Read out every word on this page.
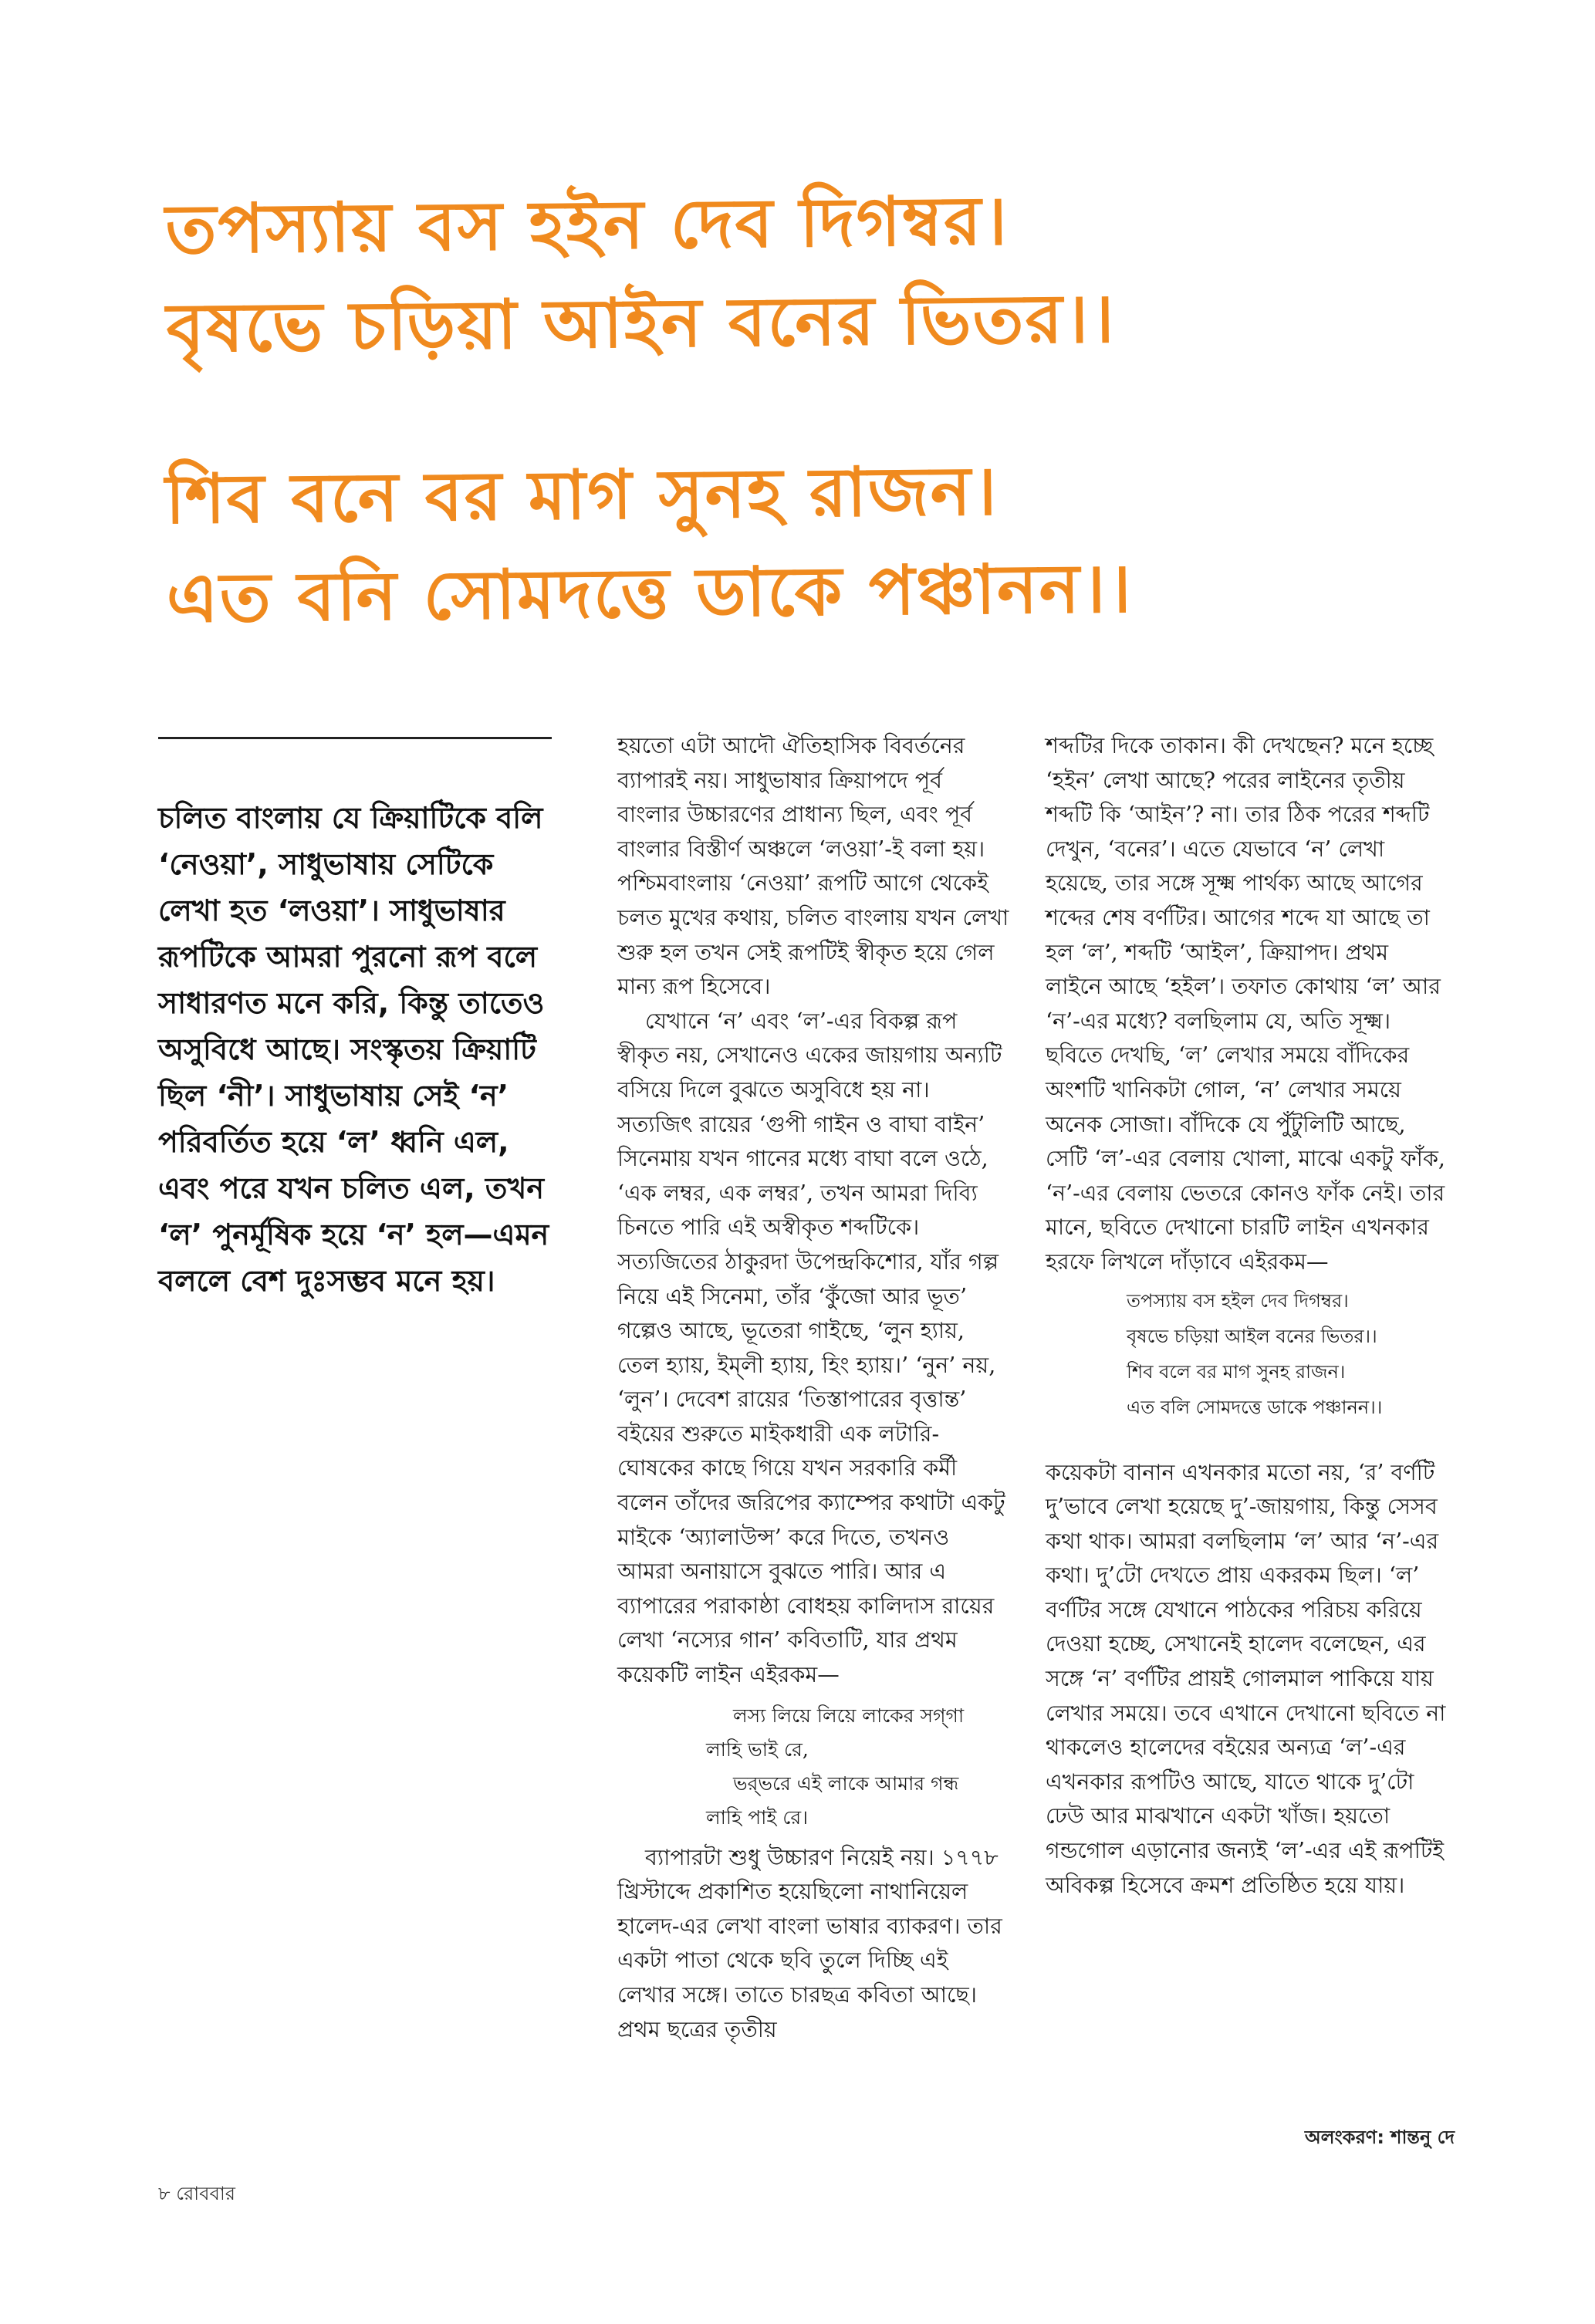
তপস্যায় বস হইন দেব দিগম্বর।
বৃষভে চড়িয়া আইন বনের ভিতর।।
শিব বনে বর মাগ সুনহ রাজন।
এত বনি সোমদত্তে ডাকে পঞ্চানন।।
চলিত বাংলায় যে ক্রিয়াটিকে বলি ‘নেওয়া’, সাধুভাষায় সেটিকে লেখা হত ‘লওয়া’। সাধুভাষার রূপটিকে আমরা পুরনো রূপ বলে সাধারণত মনে করি, কিন্তু তাতেও অসুবিধে আছে। সংস্কৃতয় ক্রিয়াটি ছিল ‘নী’। সাধুভাষায় সেই ‘ন’ পরিবর্তিত হয়ে ‘ল’ ধ্বনি এল, এবং পরে যখন চলিত এল, তখন ‘ল’ পুনর্মূষিক হয়ে ‘ন’ হল—এমন বললে বেশ দুঃসম্ভব মনে হয়।

হয়তো এটা আদৌ ঐতিহাসিক বিবর্তনের ব্যাপারই নয়। সাধুভাষার ক্রিয়াপদে পূর্ব বাংলার উচ্চারণের প্রাধান্য ছিল, এবং পূর্ব বাংলার বিস্তীর্ণ অঞ্চলে ‘লওয়া’-ই বলা হয়। পশ্চিমবাংলায় ‘নেওয়া’ রূপটি আগে থেকেই চলত মুখের কথায়, চলিত বাংলায় যখন লেখা শুরু হল তখন সেই রূপটিই স্বীকৃত হয়ে গেল মান্য রূপ হিসেবে।

যেখানে ‘ন’ এবং ‘ল’-এর বিকল্প রূপ স্বীকৃত নয়, সেখানেও একের জায়গায় অন্যটি বসিয়ে দিলে বুঝতে অসুবিধে হয় না। সত্যজিৎ রায়ের ‘গুপী গাইন ও বাঘা বাইন’ সিনেমায় যখন গানের মধ্যে বাঘা বলে ওঠে, ‘এক লম্বর, এক লম্বর’, তখন আমরা দিব্যি চিনতে পারি এই অস্বীকৃত শব্দটিকে। সত্যজিতের ঠাকুরদা উপেন্দ্রকিশোর, যাঁর গল্প নিয়ে এই সিনেমা, তাঁর ‘কুঁজো আর ভূত’ গল্পেও আছে, ভূতেরা গাইছে, ‘লুন হ্যায়, তেল হ্যায়, ইম্‌লী হ্যায়, হিং হ্যায়।’ ‘নুন’ নয়, ‘লুন’। দেবেশ রায়ের ‘তিস্তাপারের বৃত্তান্ত’ বইয়ের শুরুতে মাইকধারী এক লটারি-ঘোষকের কাছে গিয়ে যখন সরকারি কর্মী বলেন তাঁদের জরিপের ক্যাম্পের কথাটা একটু মাইকে ‘অ্যালাউন্স’ করে দিতে, তখনও আমরা অনায়াসে বুঝতে পারি। আর এ ব্যাপারের পরাকাষ্ঠা বোধহয় কালিদাস রায়ের লেখা ‘নস্যের গান’ কবিতাটি, যার প্রথম কয়েকটি লাইন এইরকম—

লস্য লিয়ে লিয়ে লাকের সগ্‌গা
লাহি ভাই রে,
ভর্‌ভরে এই লাকে আমার গন্ধ
লাহি পাই রে।

ব্যাপারটা শুধু উচ্চারণ নিয়েই নয়। ১৭৭৮ খ্রিস্টাব্দে প্রকাশিত হয়েছিলো নাথানিয়েল হালেদ-এর লেখা বাংলা ভাষার ব্যাকরণ। তার একটা পাতা থেকে ছবি তুলে দিচ্ছি এই লেখার সঙ্গে। তাতে চারছত্র কবিতা আছে। প্রথম ছত্রের তৃতীয়

শব্দটির দিকে তাকান। কী দেখছেন? মনে হচ্ছে ‘হইন’ লেখা আছে? পরের লাইনের তৃতীয় শব্দটি কি ‘আইন’? না। তার ঠিক পরের শব্দটি দেখুন, ‘বনের’। এতে যেভাবে ‘ন’ লেখা হয়েছে, তার সঙ্গে সূক্ষ্ম পার্থক্য আছে আগের শব্দের শেষ বর্ণটির। আগের শব্দে যা আছে তা হল ‘ল’, শব্দটি ‘আইল’, ক্রিয়াপদ। প্রথম লাইনে আছে ‘হইল’। তফাত কোথায় ‘ল’ আর ‘ন’-এর মধ্যে? বলছিলাম যে, অতি সূক্ষ্ম। ছবিতে দেখছি, ‘ল’ লেখার সময়ে বাঁদিকের অংশটি খানিকটা গোল, ‘ন’ লেখার সময়ে অনেক সোজা। বাঁদিকে যে পুঁটুলিটি আছে, সেটি ‘ল’-এর বেলায় খোলা, মাঝে একটু ফাঁক, ‘ন’-এর বেলায় ভেতরে কোনও ফাঁক নেই। তার মানে, ছবিতে দেখানো চারটি লাইন এখনকার হরফে লিখলে দাঁড়াবে এইরকম—

তপস্যায় বস হইল দেব দিগম্বর।
বৃষভে চড়িয়া আইল বনের ভিতর।।
শিব বলে বর মাগ সুনহ রাজন।
এত বলি সোমদত্তে ডাকে পঞ্চানন।।

কয়েকটা বানান এখনকার মতো নয়, ‘র’ বর্ণটি দু’ভাবে লেখা হয়েছে দু’-জায়গায়, কিন্তু সেসব কথা থাক। আমরা বলছিলাম ‘ল’ আর ‘ন’-এর কথা। দু’টো দেখতে প্রায় একরকম ছিল। ‘ল’ বর্ণটির সঙ্গে যেখানে পাঠকের পরিচয় করিয়ে দেওয়া হচ্ছে, সেখানেই হালেদ বলেছেন, এর সঙ্গে ‘ন’ বর্ণটির প্রায়ই গোলমাল পাকিয়ে যায় লেখার সময়ে। তবে এখানে দেখানো ছবিতে না থাকলেও হালেদের বইয়ের অন্যত্র ‘ল’-এর এখনকার রূপটিও আছে, যাতে থাকে দু’টো ঢেউ আর মাঝখানে একটা খাঁজ। হয়তো গন্ডগোল এড়ানোর জন্যই ‘ল’-এর এই রূপটিই অবিকল্প হিসেবে ক্রমশ প্রতিষ্ঠিত হয়ে যায়।

অলংকরণ: শান্তনু দে
৮ রোববার
